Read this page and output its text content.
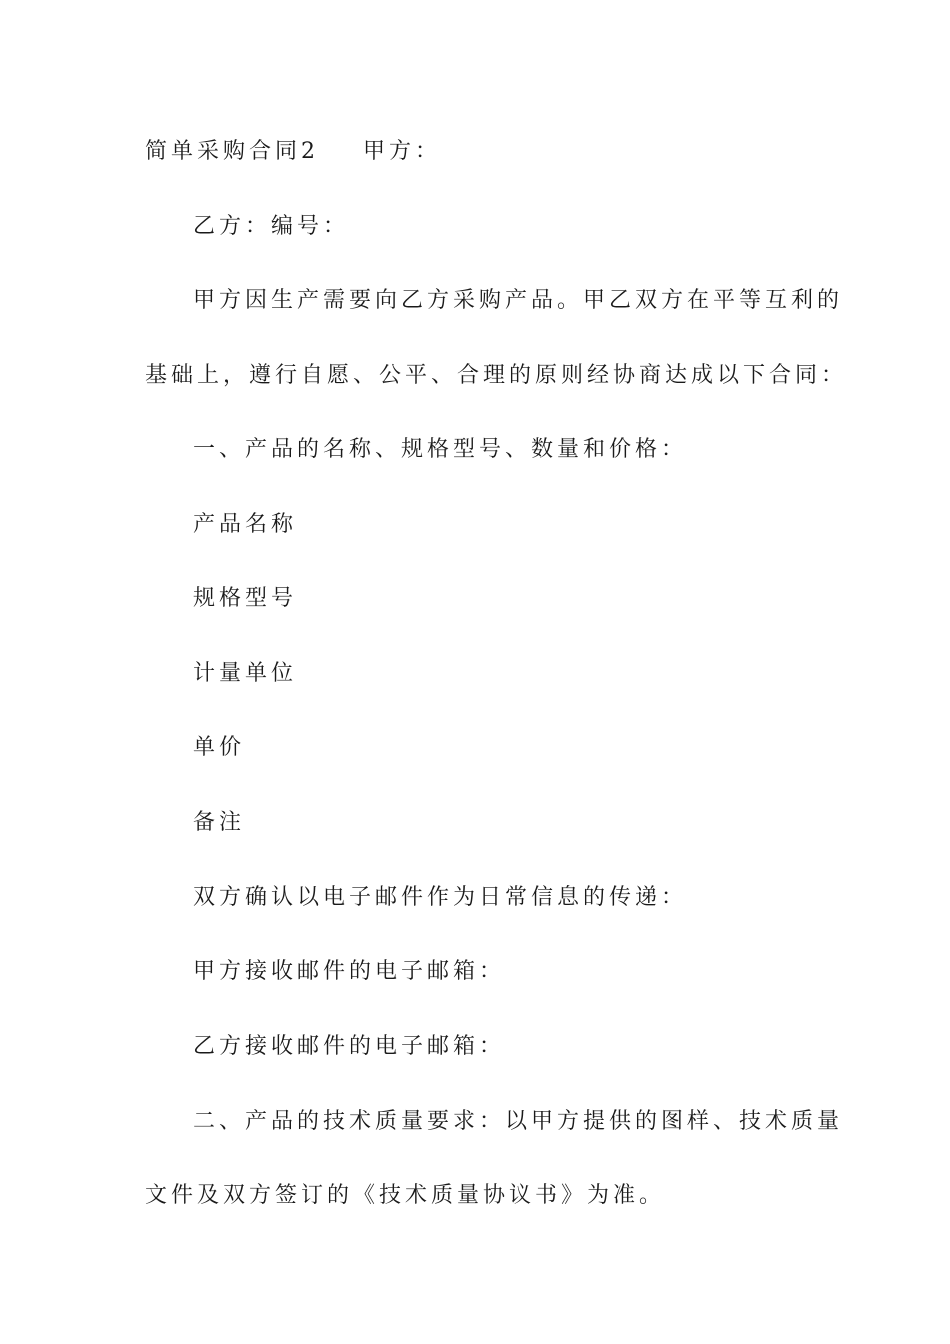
简单采购合同2 甲方：
乙方：编号：
甲方因生产需要向乙方采购产品。甲乙双方在平等互利的
基础上，遵行自愿、公平、合理的原则经协商达成以下合同：
一、产品的名称、规格型号、数量和价格：
产品名称
规格型号
计量单位
单价
备注
双方确认以电子邮件作为日常信息的传递：
甲方接收邮件的电子邮箱：
乙方接收邮件的电子邮箱：
二、产品的技术质量要求：以甲方提供的图样、技术质量
文件及双方签订的《技术质量协议书》为准。
